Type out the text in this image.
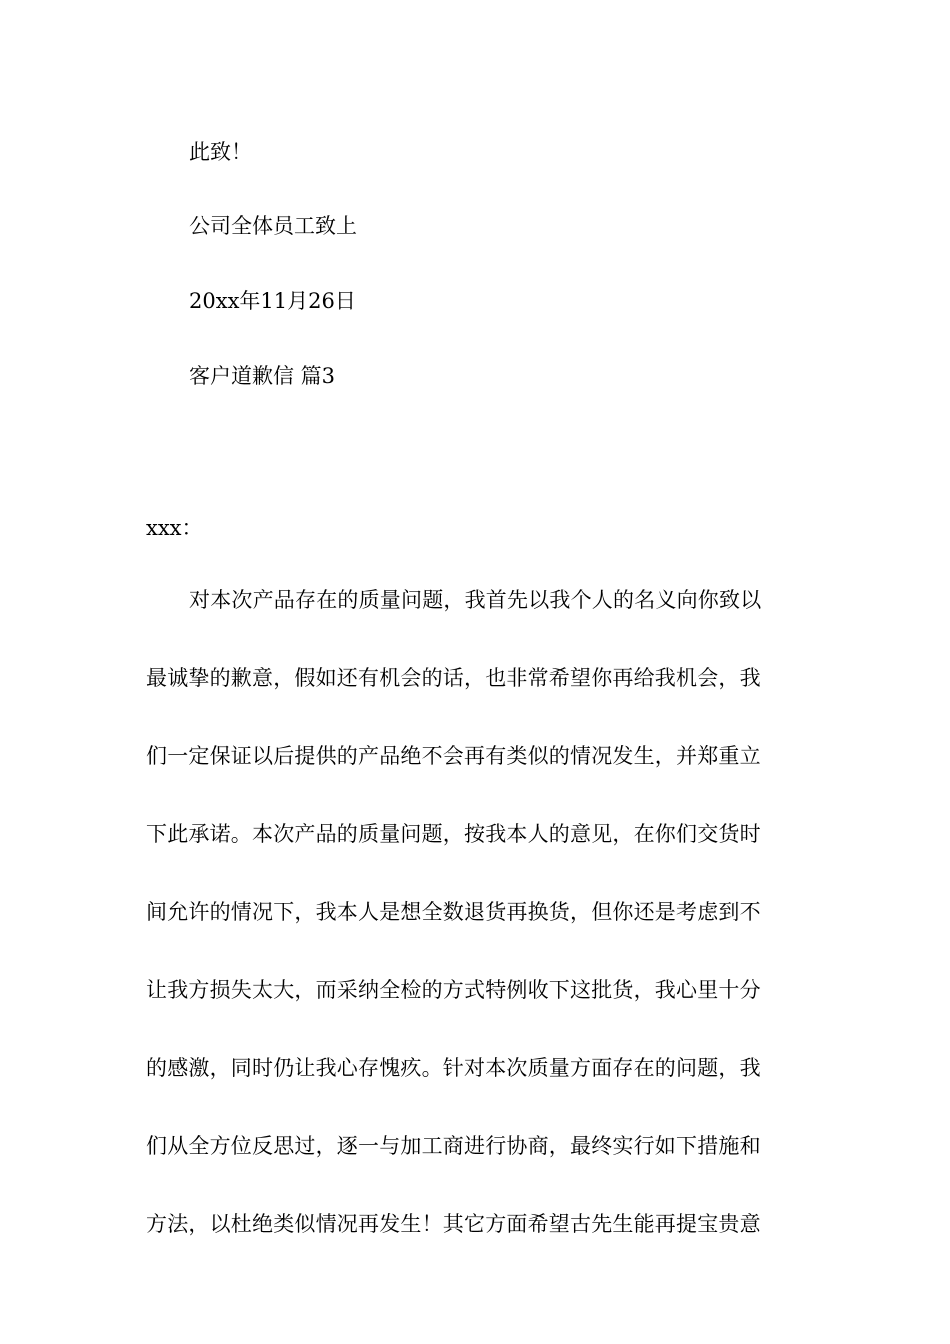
此致！
公司全体员工致上
20xx年11月26日
客户道歉信 篇3
xxx：
对本次产品存在的质量问题，我首先以我个人的名义向你致以
最诚挚的歉意，假如还有机会的话，也非常希望你再给我机会，我
们一定保证以后提供的产品绝不会再有类似的情况发生，并郑重立
下此承诺。本次产品的质量问题，按我本人的意见，在你们交货时
间允许的情况下，我本人是想全数退货再换货，但你还是考虑到不
让我方损失太大，而采纳全检的方式特例收下这批货，我心里十分
的感激，同时仍让我心存愧疚。针对本次质量方面存在的问题，我
们从全方位反思过，逐一与加工商进行协商，最终实行如下措施和
方法，以杜绝类似情况再发生！其它方面希望古先生能再提宝贵意
